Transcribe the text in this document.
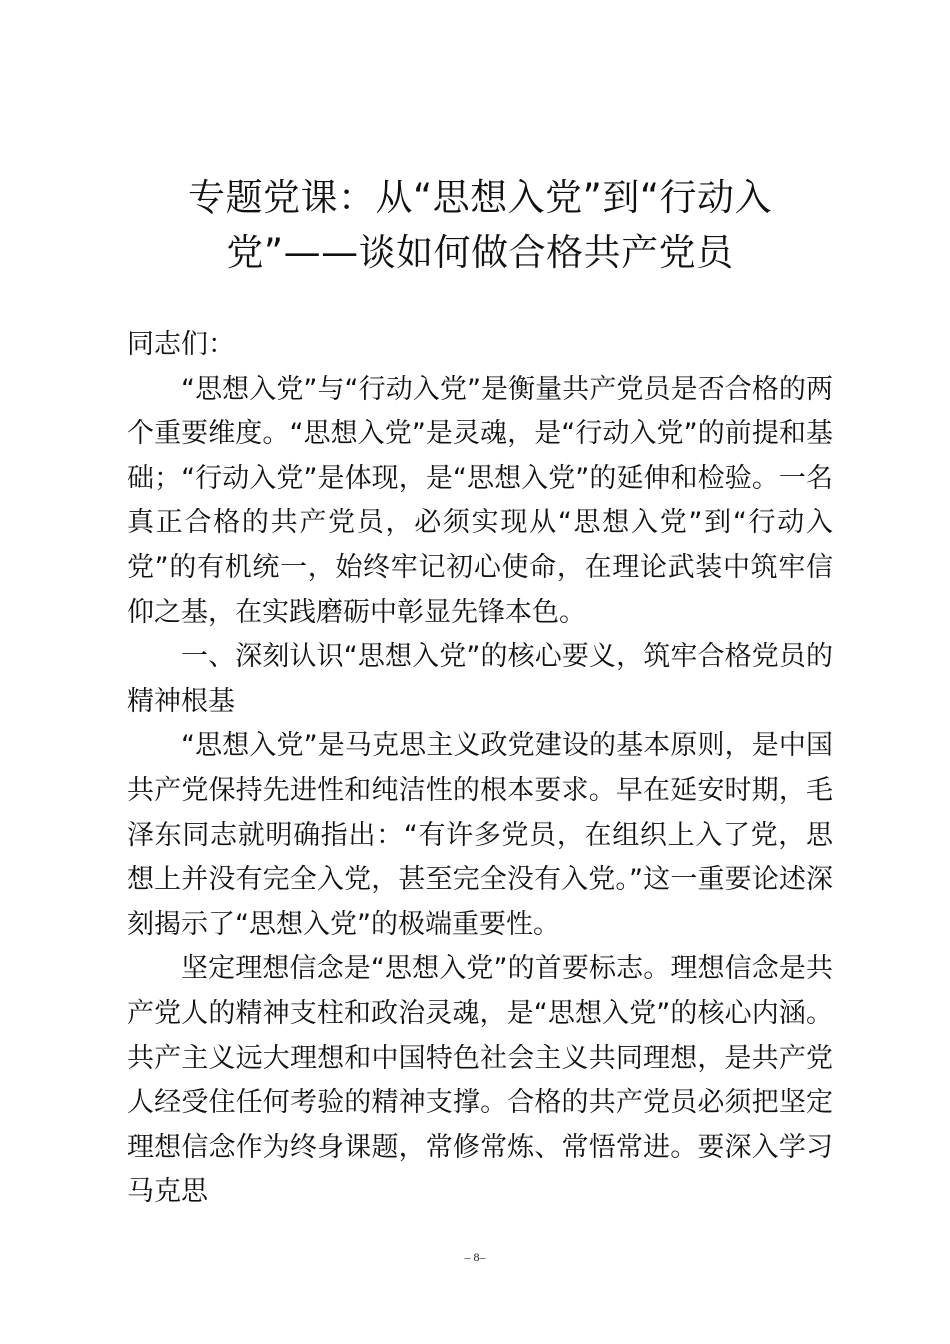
专题党课：从“思想入党”到“行动入
党”——谈如何做合格共产党员

同志们：

“思想入党”与“行动入党”是衡量共产党员是否合格的两个重要维度。“思想入党”是灵魂，是“行动入党”的前提和基础；“行动入党”是体现，是“思想入党”的延伸和检验。一名真正合格的共产党员，必须实现从“思想入党”到“行动入党”的有机统一，始终牢记初心使命，在理论武装中筑牢信仰之基，在实践磨砺中彰显先锋本色。

一、深刻认识“思想入党”的核心要义，筑牢合格党员的精神根基

“思想入党”是马克思主义政党建设的基本原则，是中国共产党保持先进性和纯洁性的根本要求。早在延安时期，毛泽东同志就明确指出：“有许多党员，在组织上入了党，思想上并没有完全入党，甚至完全没有入党。”这一重要论述深刻揭示了“思想入党”的极端重要性。

坚定理想信念是“思想入党”的首要标志。理想信念是共产党人的精神支柱和政治灵魂，是“思想入党”的核心内涵。共产主义远大理想和中国特色社会主义共同理想，是共产党人经受住任何考验的精神支撑。合格的共产党员必须把坚定理想信念作为终身课题，常修常炼、常悟常进。要深入学习马克思

– 8–
